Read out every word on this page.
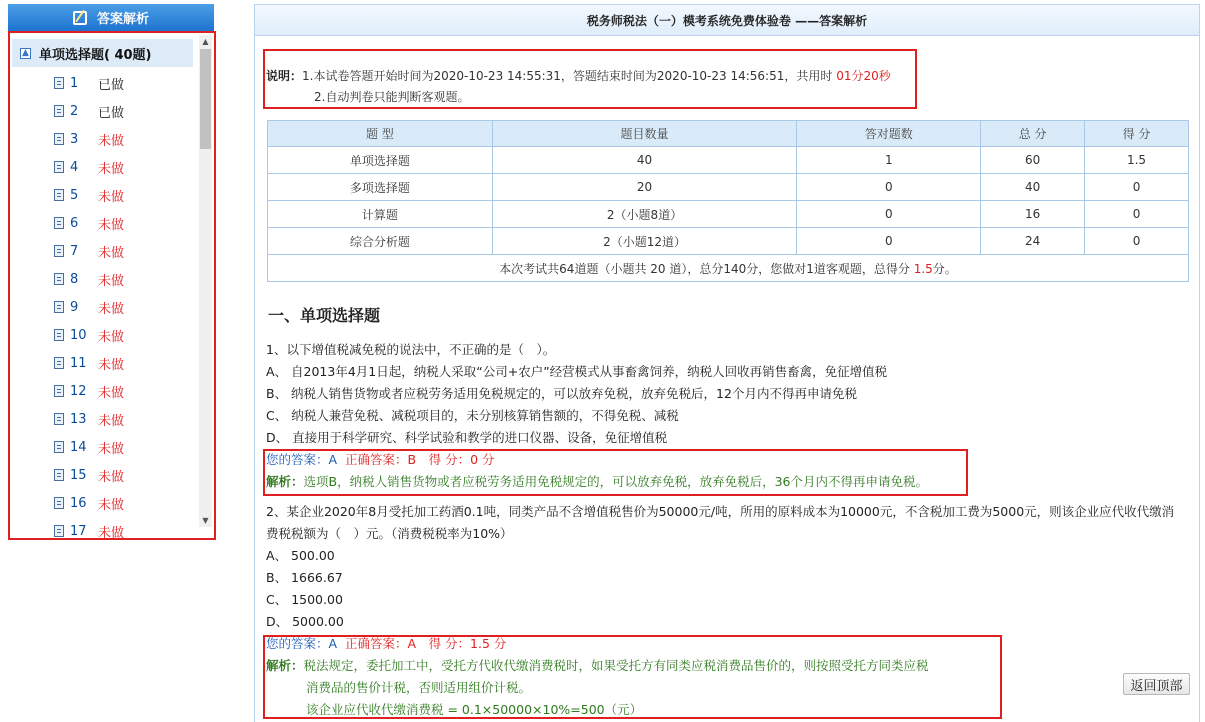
答案解析
▲ 单项选择题( 40题)
1	已做
2	已做
3	未做
4	未做
5	未做
6	未做
7	未做
8	未做
9	未做
10 未做
11 未做
12 未做
13 未做
14 未做
15 未做
16 未做
17 未做
▲
▼
税务师税法（一）模考系统免费体验卷 ——答案解析
说明：1.本试卷答题开始时间为2020-10-23 14:55:31，答题结束时间为2020-10-23 14:56:51，共用时 01分20秒
2.自动判卷只能判断客观题。
题 型	题目数量	答对题数	总 分	得 分
单项选择题	40	1	60	1.5
多项选择题	20	0	40	0
计算题	2（小题8道）	0	16	0
综合分析题	2（小题12道）	0	24	0
本次考试共64道题（小题共 20 道），总分140分，您做对1道客观题，总得分 1.5分。				
一、单项选择题
1、以下增值税减免税的说法中，不正确的是（　）。
A、 自2013年4月1日起，纳税人采取“公司+农户”经营模式从事畜禽饲养，纳税人回收再销售畜禽，免征增值税
B、 纳税人销售货物或者应税劳务适用免税规定的，可以放弃免税，放弃免税后，12个月内不得再申请免税
C、 纳税人兼营免税、减税项目的，未分别核算销售额的，不得免税、减税
D、 直接用于科学研究、科学试验和教学的进口仪器、设备，免征增值税
您的答案：A 正确答案：B　得 分：0 分
解析：选项B，纳税人销售货物或者应税劳务适用免税规定的，可以放弃免税，放弃免税后，36个月内不得再申请免税。
2、某企业2020年8月受托加工药酒0.1吨，同类产品不含增值税售价为50000元/吨，所用的原料成本为10000元，不含税加工费为5000元，则该企业应代收代缴消
费税税额为（　）元。（消费税税率为10%）
A、 500.00
B、 1666.67
C、 1500.00
D、 5000.00
您的答案：A 正确答案：A　得 分：1.5 分
解析：税法规定，委托加工中，受托方代收代缴消费税时，如果受托方有同类应税消费品售价的，则按照受托方同类应税
消费品的售价计税，否则适用组价计税。
该企业应代收代缴消费税 = 0.1×50000×10%=500（元）
返回顶部
